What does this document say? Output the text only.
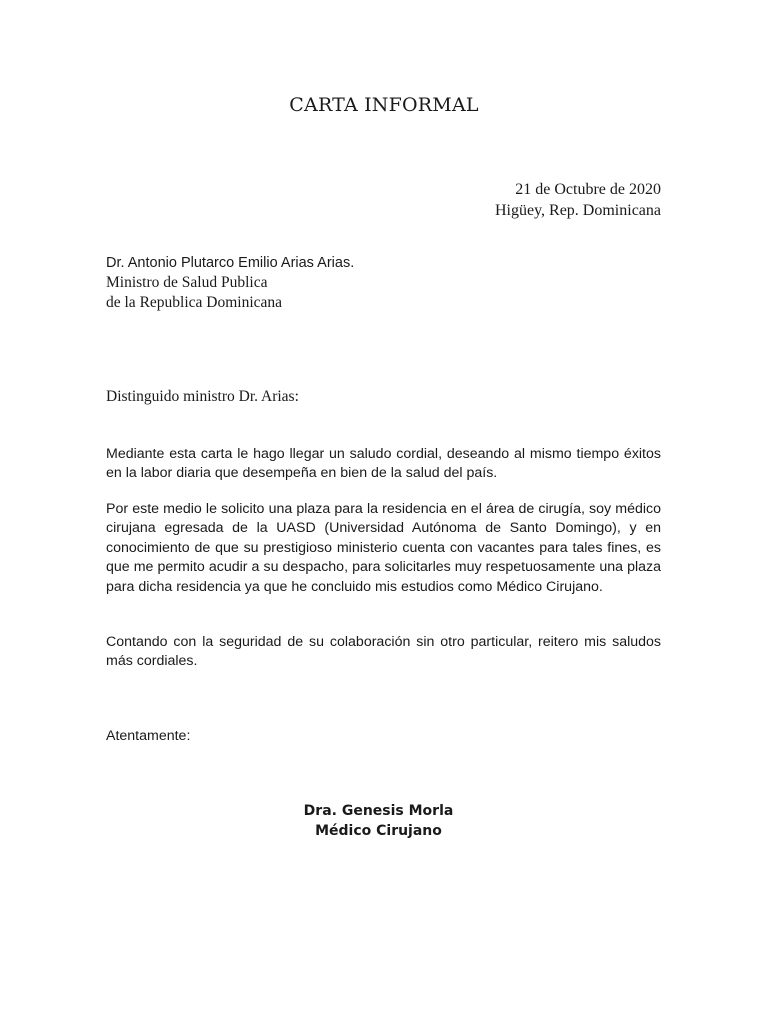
CARTA INFORMAL
21 de Octubre de 2020
Higüey, Rep. Dominicana
Dr. Antonio Plutarco Emilio Arias Arias.
Ministro de Salud Publica
de la Republica Dominicana
Distinguido ministro Dr. Arias:

Mediante esta carta le hago llegar un saludo cordial, deseando al mismo tiempo éxitos en la labor diaria que desempeña en bien de la salud del país.

Por este medio le solicito una plaza para la residencia en el área de cirugía, soy médico cirujana egresada de la UASD (Universidad Autónoma de Santo Domingo), y en conocimiento de que su prestigioso ministerio cuenta con vacantes para tales fines, es que me permito acudir a su despacho, para solicitarles muy respetuosamente una plaza para dicha residencia ya que he concluido mis estudios como Médico Cirujano.

Contando con la seguridad de su colaboración sin otro particular, reitero mis saludos más cordiales.

Atentamente:
Dra. Genesis Morla
Médico Cirujano
